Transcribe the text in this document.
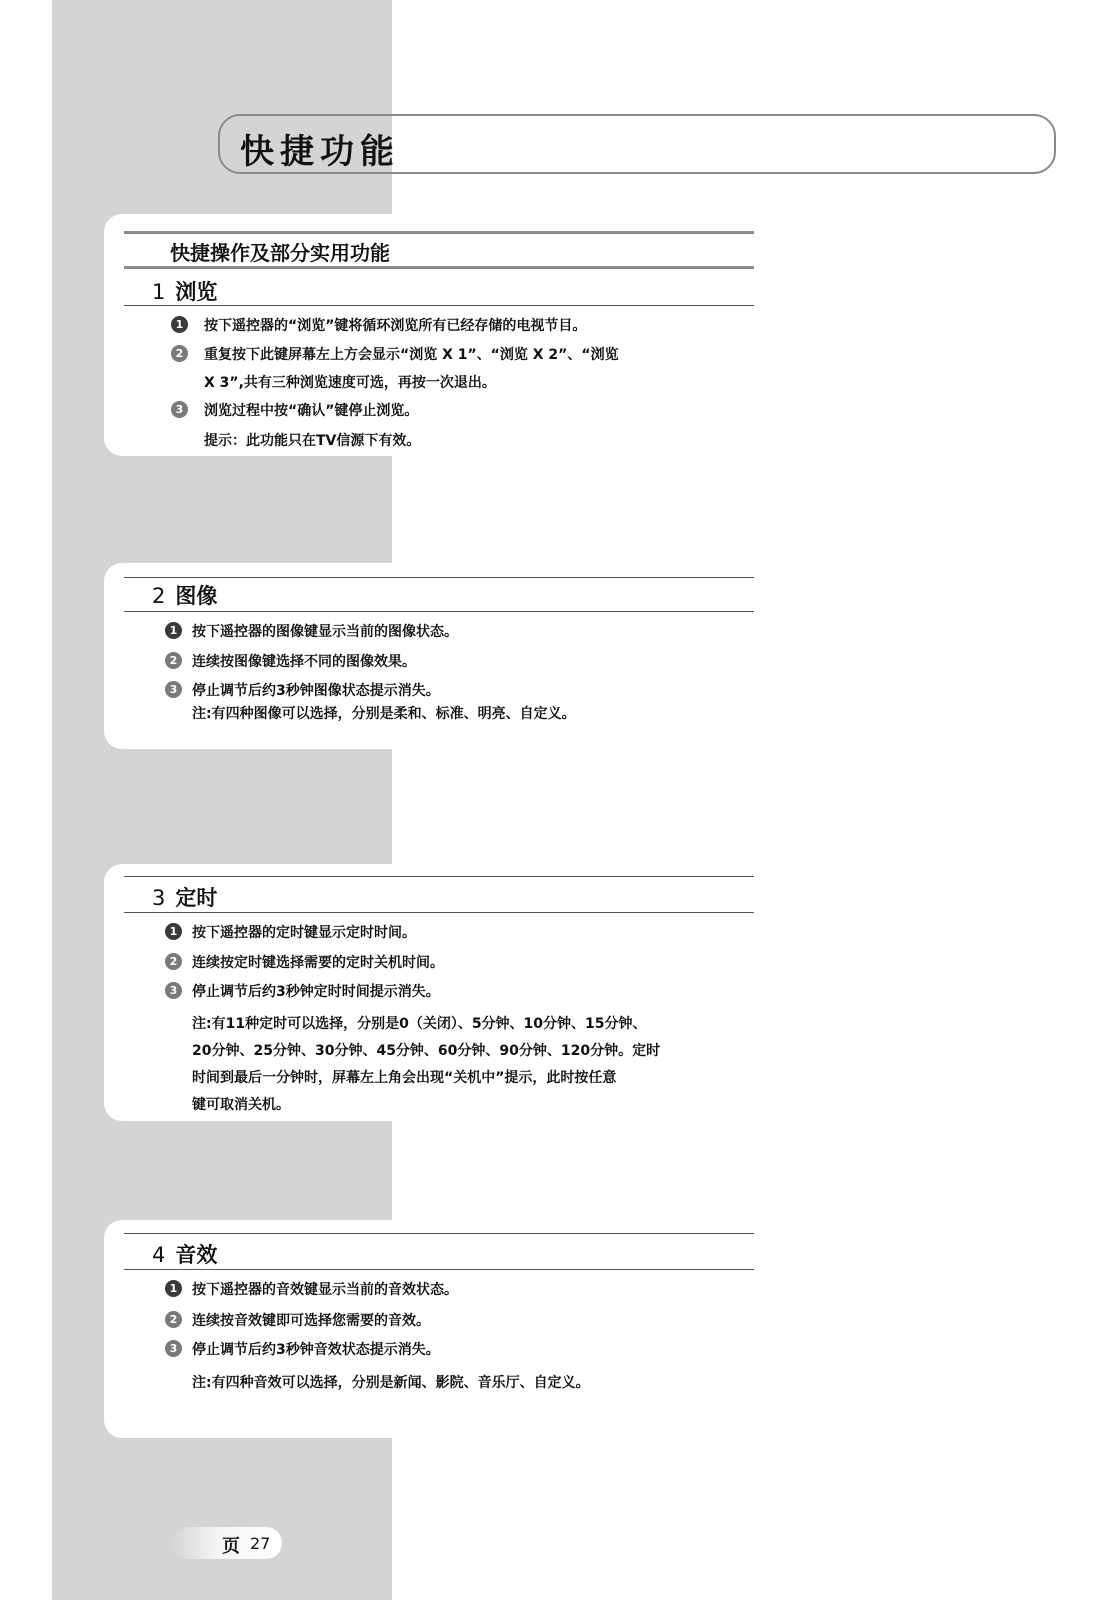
快捷功能
快捷操作及部分实用功能
1 浏览
1	按下遥控器的“浏览”键将循环浏览所有已经存储的电视节目。
2	重复按下此键屏幕左上方会显示“浏览 X 1”、“浏览 X 2”、“浏览
X 3”,共有三种浏览速度可选，再按一次退出。
3	浏览过程中按“确认”键停止浏览。
提示：此功能只在TV信源下有效。
2 图像
1	按下遥控器的图像键显示当前的图像状态。
2	连续按图像键选择不同的图像效果。
3	停止调节后约3秒钟图像状态提示消失。
注:有四种图像可以选择，分别是柔和、标准、明亮、自定义。
3 定时
1	按下遥控器的定时键显示定时时间。
2	连续按定时键选择需要的定时关机时间。
3	停止调节后约3秒钟定时时间提示消失。
注:有11种定时可以选择，分别是0（关闭）、5分钟、10分钟、15分钟、
20分钟、25分钟、30分钟、45分钟、60分钟、90分钟、120分钟。定时
时间到最后一分钟时，屏幕左上角会出现“关机中”提示，此时按任意
键可取消关机。
4 音效
1	按下遥控器的音效键显示当前的音效状态。
2	连续按音效键即可选择您需要的音效。
3	停止调节后约3秒钟音效状态提示消失。
注:有四种音效可以选择，分别是新闻、影院、音乐厅、自定义。
页 27
